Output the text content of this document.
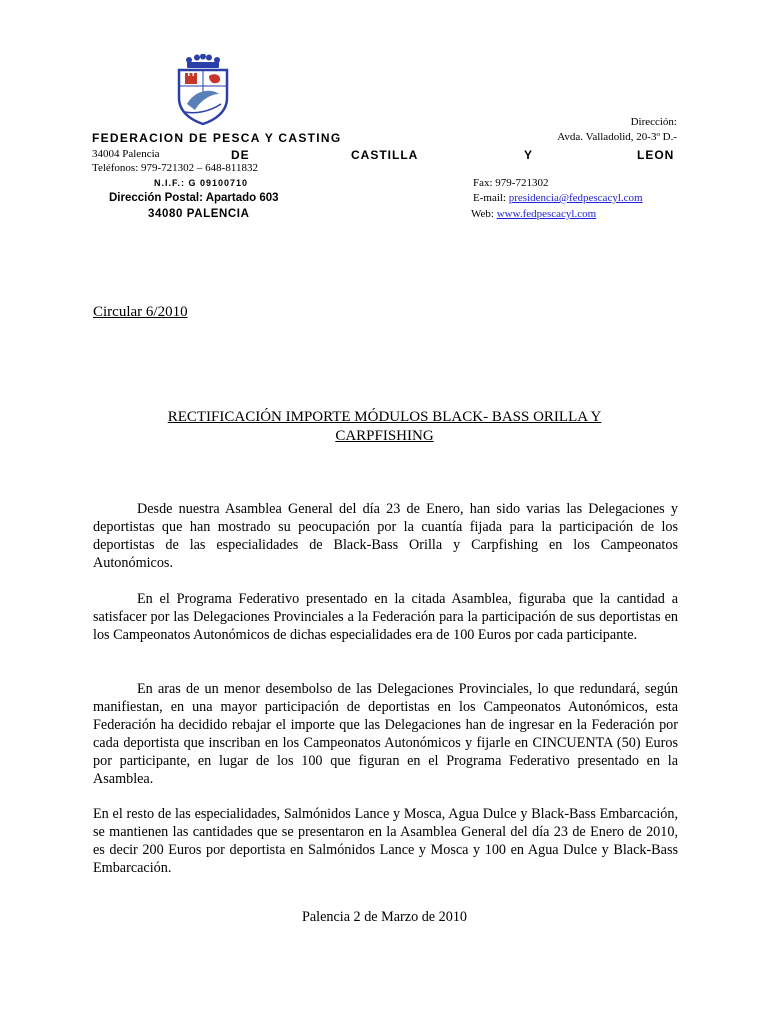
FEDERACION DE PESCA Y CASTING
34004 Palencia	DE	CASTILLA	Y	LEON
Teléfonos: 979-721302 – 648-811832
N.I.F.: G 09100710
Dirección Postal: Apartado 603
34080 PALENCIA
Dirección:
Avda. Valladolid, 20-3º D.-
Fax: 979-721302
E-mail: presidencia@fedpescacyl.com
Web: www.fedpescacyl.com
Circular 6/2010
RECTIFICACIÓN IMPORTE MÓDULOS BLACK- BASS ORILLA Y
CARPFISHING

Desde nuestra Asamblea General del día 23 de Enero, han sido varias las Delegaciones y deportistas que han mostrado su peocupación por la cuantía fijada para la participación de los deportistas de las especialidades de Black-Bass Orilla y Carpfishing en los Campeonatos Autonómicos.

En el Programa Federativo presentado en la citada Asamblea, figuraba que la cantidad a satisfacer por las Delegaciones Provinciales a la Federación para la participación de sus deportistas en los Campeonatos Autonómicos de dichas especialidades era de 100 Euros por cada participante.

En aras de un menor desembolso de las Delegaciones Provinciales, lo que redundará, según manifiestan, en una mayor participación de deportistas en los Campeonatos Autonómicos, esta Federación ha decidido rebajar el importe que las Delegaciones han de ingresar en la Federación por cada deportista que inscriban en los Campeonatos Autonómicos y fijarle en CINCUENTA (50) Euros por participante, en lugar de los 100 que figuran en el Programa Federativo presentado en la Asamblea.

En el resto de las especialidades, Salmónidos Lance y Mosca, Agua Dulce y Black-Bass Embarcación, se mantienen las cantidades que se presentaron en la Asamblea General del día 23 de Enero de 2010, es decir 200 Euros por deportista en Salmónidos Lance y Mosca y 100 en Agua Dulce y Black-Bass Embarcación.

Palencia 2 de Marzo de 2010
